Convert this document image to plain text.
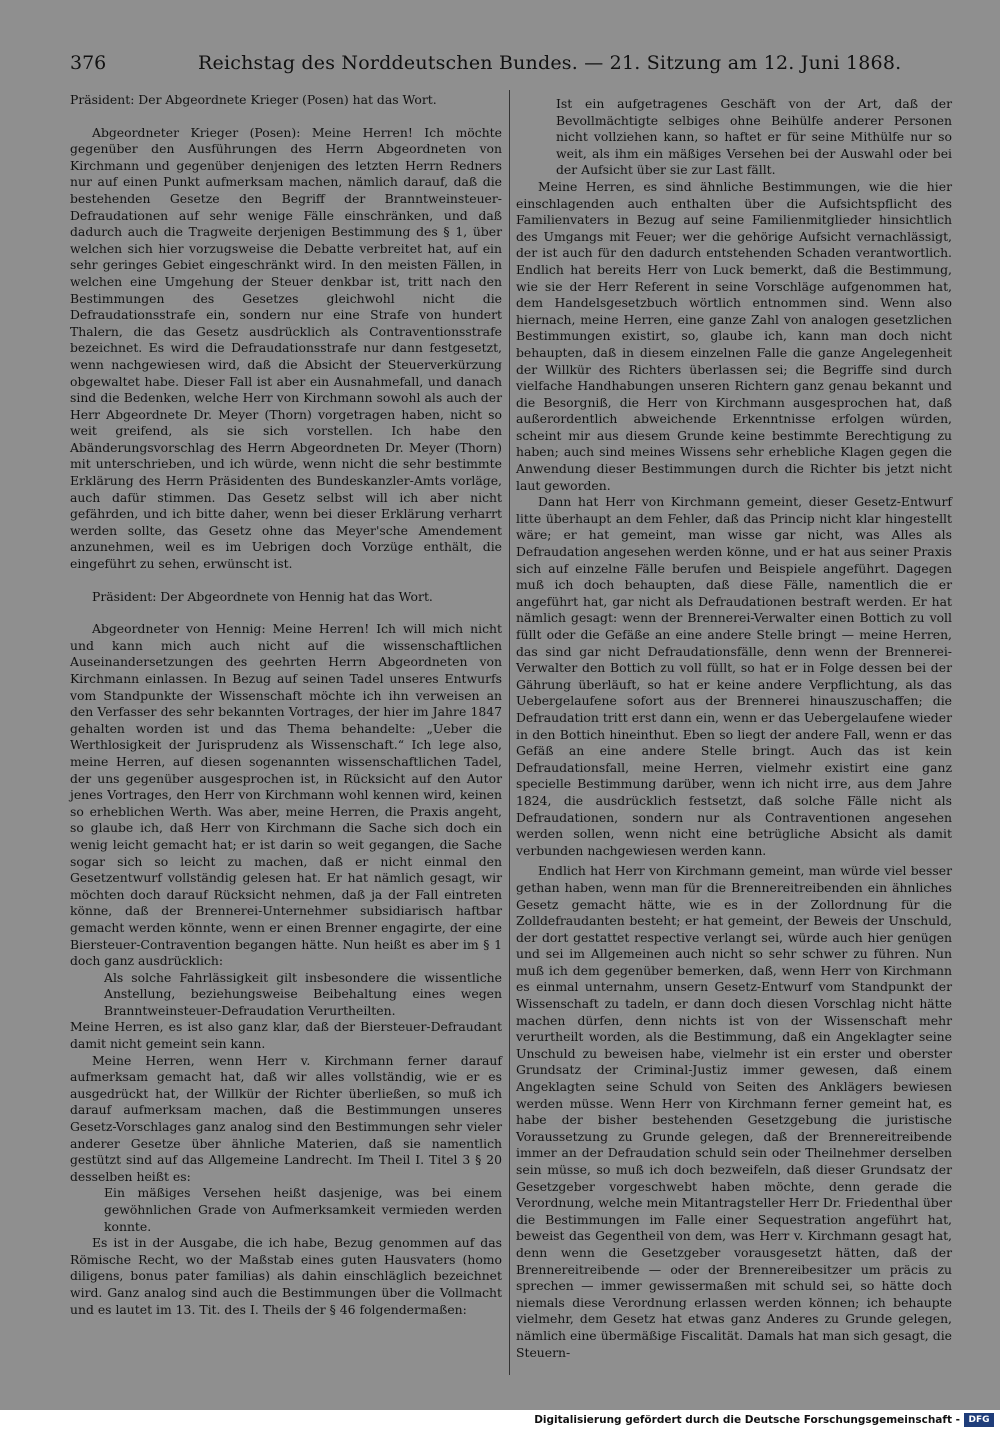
376	Reichstag des Norddeutschen Bundes. — 21. Sitzung am 12. Juni 1868.

Präsident: Der Abgeordnete Krieger (Posen) hat das Wort.

Abgeordneter Krieger (Posen): Meine Herren! Ich möchte gegenüber den Ausführungen des Herrn Abgeordneten von Kirchmann und gegenüber denjenigen des letzten Herrn Redners nur auf einen Punkt aufmerksam machen, nämlich darauf, daß die bestehenden Gesetze den Begriff der Branntweinsteuer-Defraudationen auf sehr wenige Fälle einschränken, und daß dadurch auch die Tragweite derjenigen Bestimmung des § 1, über welchen sich hier vorzugsweise die Debatte verbreitet hat, auf ein sehr geringes Gebiet eingeschränkt wird. In den meisten Fällen, in welchen eine Umgehung der Steuer denkbar ist, tritt nach den Bestimmungen des Gesetzes gleichwohl nicht die Defraudationsstrafe ein, sondern nur eine Strafe von hundert Thalern, die das Gesetz ausdrücklich als Contraventionsstrafe bezeichnet. Es wird die Defraudationsstrafe nur dann festgesetzt, wenn nachgewiesen wird, daß die Absicht der Steuerverkürzung obgewaltet habe. Dieser Fall ist aber ein Ausnahmefall, und danach sind die Bedenken, welche Herr von Kirchmann sowohl als auch der Herr Abgeordnete Dr. Meyer (Thorn) vorgetragen haben, nicht so weit greifend, als sie sich vorstellen. Ich habe den Abänderungsvorschlag des Herrn Abgeordneten Dr. Meyer (Thorn) mit unterschrieben, und ich würde, wenn nicht die sehr bestimmte Erklärung des Herrn Präsidenten des Bundeskanzler-Amts vorläge, auch dafür stimmen. Das Gesetz selbst will ich aber nicht gefährden, und ich bitte daher, wenn bei dieser Erklärung verharrt werden sollte, das Gesetz ohne das Meyer'sche Amendement anzunehmen, weil es im Uebrigen doch Vorzüge enthält, die eingeführt zu sehen, erwünscht ist.

Präsident: Der Abgeordnete von Hennig hat das Wort.

Abgeordneter von Hennig: Meine Herren! Ich will mich nicht und kann mich auch nicht auf die wissenschaftlichen Auseinandersetzungen des geehrten Herrn Abgeordneten von Kirchmann einlassen. In Bezug auf seinen Tadel unseres Entwurfs vom Standpunkte der Wissenschaft möchte ich ihn verweisen an den Verfasser des sehr bekannten Vortrages, der hier im Jahre 1847 gehalten worden ist und das Thema behandelte: „Ueber die Werthlosigkeit der Jurisprudenz als Wissenschaft.“ Ich lege also, meine Herren, auf diesen sogenannten wissenschaftlichen Tadel, der uns gegenüber ausgesprochen ist, in Rücksicht auf den Autor jenes Vortrages, den Herr von Kirchmann wohl kennen wird, keinen so erheblichen Werth. Was aber, meine Herren, die Praxis angeht, so glaube ich, daß Herr von Kirchmann die Sache sich doch ein wenig leicht gemacht hat; er ist darin so weit gegangen, die Sache sogar sich so leicht zu machen, daß er nicht einmal den Gesetzentwurf vollständig gelesen hat. Er hat nämlich gesagt, wir möchten doch darauf Rücksicht nehmen, daß ja der Fall eintreten könne, daß der Brennerei-Unternehmer subsidiarisch haftbar gemacht werden könnte, wenn er einen Brenner engagirte, der eine Biersteuer-Contravention begangen hätte. Nun heißt es aber im § 1 doch ganz ausdrücklich:

Als solche Fahrlässigkeit gilt insbesondere die wissentliche Anstellung, beziehungsweise Beibehaltung eines wegen Branntweinsteuer-Defraudation Verurtheilten.

Meine Herren, es ist also ganz klar, daß der Biersteuer-Defraudant damit nicht gemeint sein kann.

Meine Herren, wenn Herr v. Kirchmann ferner darauf aufmerksam gemacht hat, daß wir alles vollständig, wie er es ausgedrückt hat, der Willkür der Richter überließen, so muß ich darauf aufmerksam machen, daß die Bestimmungen unseres Gesetz-Vorschlages ganz analog sind den Bestimmungen sehr vieler anderer Gesetze über ähnliche Materien, daß sie namentlich gestützt sind auf das Allgemeine Landrecht. Im Theil I. Titel 3 § 20 desselben heißt es:

Ein mäßiges Versehen heißt dasjenige, was bei einem gewöhnlichen Grade von Aufmerksamkeit vermieden werden konnte.

Es ist in der Ausgabe, die ich habe, Bezug genommen auf das Römische Recht, wo der Maßstab eines guten Hausvaters (homo diligens, bonus pater familias) als dahin einschläglich bezeichnet wird. Ganz analog sind auch die Bestimmungen über die Vollmacht und es lautet im 13. Tit. des I. Theils der § 46 folgendermaßen:

Ist ein aufgetragenes Geschäft von der Art, daß der Bevollmächtigte selbiges ohne Beihülfe anderer Personen nicht vollziehen kann, so haftet er für seine Mithülfe nur so weit, als ihm ein mäßiges Versehen bei der Auswahl oder bei der Aufsicht über sie zur Last fällt.

Meine Herren, es sind ähnliche Bestimmungen, wie die hier einschlagenden auch enthalten über die Aufsichtspflicht des Familienvaters in Bezug auf seine Familienmitglieder hinsichtlich des Umgangs mit Feuer; wer die gehörige Aufsicht vernachlässigt, der ist auch für den dadurch entstehenden Schaden verantwortlich. Endlich hat bereits Herr von Luck bemerkt, daß die Bestimmung, wie sie der Herr Referent in seine Vorschläge aufgenommen hat, dem Handelsgesetzbuch wörtlich entnommen sind. Wenn also hiernach, meine Herren, eine ganze Zahl von analogen gesetzlichen Bestimmungen existirt, so, glaube ich, kann man doch nicht behaupten, daß in diesem einzelnen Falle die ganze Angelegenheit der Willkür des Richters überlassen sei; die Begriffe sind durch vielfache Handhabungen unseren Richtern ganz genau bekannt und die Besorgniß, die Herr von Kirchmann ausgesprochen hat, daß außerordentlich abweichende Erkenntnisse erfolgen würden, scheint mir aus diesem Grunde keine bestimmte Berechtigung zu haben; auch sind meines Wissens sehr erhebliche Klagen gegen die Anwendung dieser Bestimmungen durch die Richter bis jetzt nicht laut geworden.

Dann hat Herr von Kirchmann gemeint, dieser Gesetz-Entwurf litte überhaupt an dem Fehler, daß das Princip nicht klar hingestellt wäre; er hat gemeint, man wisse gar nicht, was Alles als Defraudation angesehen werden könne, und er hat aus seiner Praxis sich auf einzelne Fälle berufen und Beispiele angeführt. Dagegen muß ich doch behaupten, daß diese Fälle, namentlich die er angeführt hat, gar nicht als Defraudationen bestraft werden. Er hat nämlich gesagt: wenn der Brennerei-Verwalter einen Bottich zu voll füllt oder die Gefäße an eine andere Stelle bringt — meine Herren, das sind gar nicht Defraudationsfälle, denn wenn der Brennerei-Verwalter den Bottich zu voll füllt, so hat er in Folge dessen bei der Gährung überläuft, so hat er keine andere Verpflichtung, als das Uebergelaufene sofort aus der Brennerei hinauszuschaffen; die Defraudation tritt erst dann ein, wenn er das Uebergelaufene wieder in den Bottich hineinthut. Eben so liegt der andere Fall, wenn er das Gefäß an eine andere Stelle bringt. Auch das ist kein Defraudationsfall, meine Herren, vielmehr existirt eine ganz specielle Bestimmung darüber, wenn ich nicht irre, aus dem Jahre 1824, die ausdrücklich festsetzt, daß solche Fälle nicht als Defraudationen, sondern nur als Contraventionen angesehen werden sollen, wenn nicht eine betrügliche Absicht als damit verbunden nachgewiesen werden kann.

Endlich hat Herr von Kirchmann gemeint, man würde viel besser gethan haben, wenn man für die Brennereitreibenden ein ähnliches Gesetz gemacht hätte, wie es in der Zollordnung für die Zolldefraudanten besteht; er hat gemeint, der Beweis der Unschuld, der dort gestattet respective verlangt sei, würde auch hier genügen und sei im Allgemeinen auch nicht so sehr schwer zu führen. Nun muß ich dem gegenüber bemerken, daß, wenn Herr von Kirchmann es einmal unternahm, unsern Gesetz-Entwurf vom Standpunkt der Wissenschaft zu tadeln, er dann doch diesen Vorschlag nicht hätte machen dürfen, denn nichts ist von der Wissenschaft mehr verurtheilt worden, als die Bestimmung, daß ein Angeklagter seine Unschuld zu beweisen habe, vielmehr ist ein erster und oberster Grundsatz der Criminal-Justiz immer gewesen, daß einem Angeklagten seine Schuld von Seiten des Anklägers bewiesen werden müsse. Wenn Herr von Kirchmann ferner gemeint hat, es habe der bisher bestehenden Gesetzgebung die juristische Voraussetzung zu Grunde gelegen, daß der Brennereitreibende immer an der Defraudation schuld sein oder Theilnehmer derselben sein müsse, so muß ich doch bezweifeln, daß dieser Grundsatz der Gesetzgeber vorgeschwebt haben möchte, denn gerade die Verordnung, welche mein Mitantragsteller Herr Dr. Friedenthal über die Bestimmungen im Falle einer Sequestration angeführt hat, beweist das Gegentheil von dem, was Herr v. Kirchmann gesagt hat, denn wenn die Gesetzgeber vorausgesetzt hätten, daß der Brennereitreibende — oder der Brennereibesitzer um präcis zu sprechen — immer gewissermaßen mit schuld sei, so hätte doch niemals diese Verordnung erlassen werden können; ich behaupte vielmehr, dem Gesetz hat etwas ganz Anderes zu Grunde gelegen, nämlich eine übermäßige Fiscalität. Damals hat man sich gesagt, die Steuern-

Digitalisierung gefördert durch die Deutsche Forschungsgemeinschaft - DFG
